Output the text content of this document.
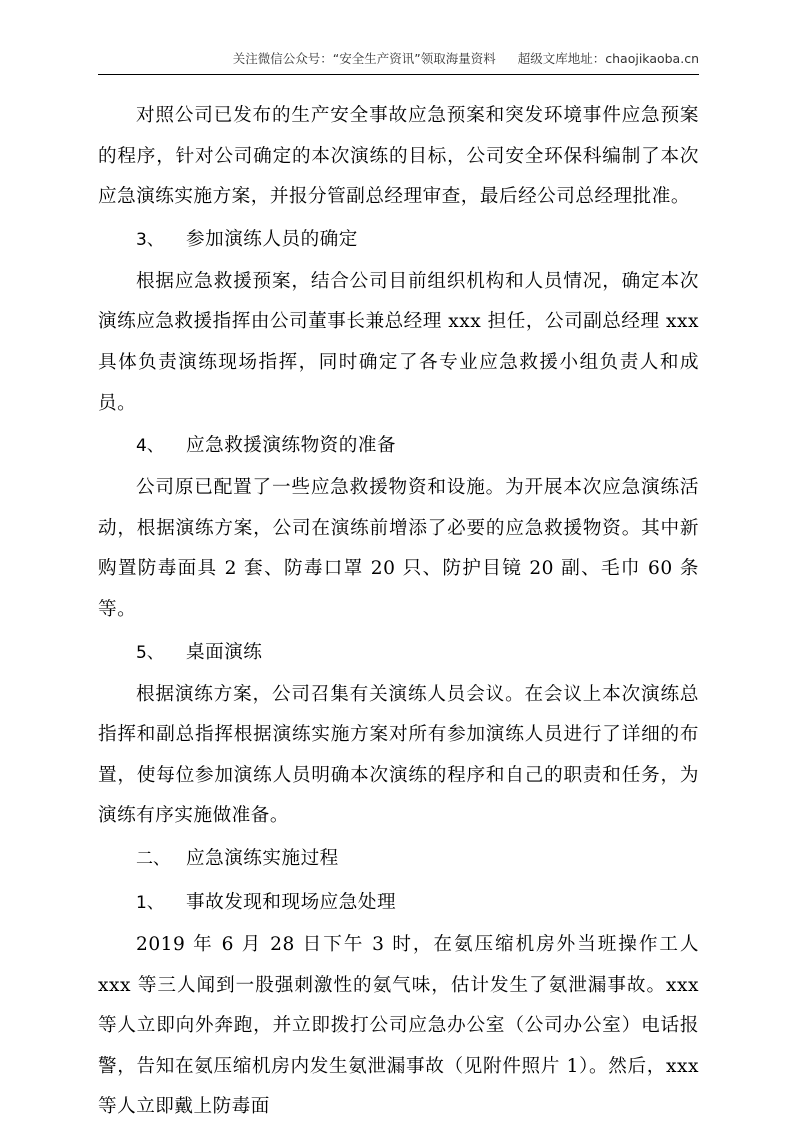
关注微信公众号：“安全生产资讯”领取海量资料 超级文库地址：chaojikaoba.cn

对照公司已发布的生产安全事故应急预案和突发环境事件应急预案的程序，针对公司确定的本次演练的目标，公司安全环保科编制了本次应急演练实施方案，并报分管副总经理审查，最后经公司总经理批准。

3、	参加演练人员的确定

根据应急救援预案，结合公司目前组织机构和人员情况，确定本次演练应急救援指挥由公司董事长兼总经理 xxx 担任，公司副总经理 xxx 具体负责演练现场指挥，同时确定了各专业应急救援小组负责人和成员。

4、	应急救援演练物资的准备

公司原已配置了一些应急救援物资和设施。为开展本次应急演练活动，根据演练方案，公司在演练前增添了必要的应急救援物资。其中新购置防毒面具 2 套、防毒口罩 20 只、防护目镜 20 副、毛巾 60 条等。

5、	桌面演练

根据演练方案，公司召集有关演练人员会议。在会议上本次演练总指挥和副总指挥根据演练实施方案对所有参加演练人员进行了详细的布置，使每位参加演练人员明确本次演练的程序和自己的职责和任务，为演练有序实施做准备。

二、 应急演练实施过程
1、	事故发现和现场应急处理

2019 年 6 月 28 日下午 3 时，在氨压缩机房外当班操作工人 xxx 等三人闻到一股强刺激性的氨气味，估计发生了氨泄漏事故。xxx 等人立即向外奔跑，并立即拨打公司应急办公室（公司办公室）电话报警，告知在氨压缩机房内发生氨泄漏事故（见附件照片 1）。然后，xxx 等人立即戴上防毒面
